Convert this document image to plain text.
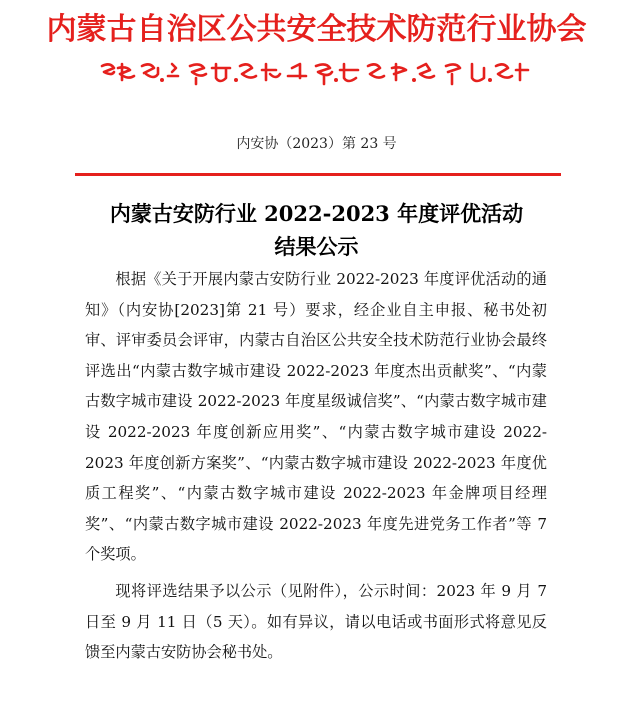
内蒙古自治区公共安全技术防范行业协会
内安协（2023）第 23 号
内蒙古安防行业 2022-2023 年度评优活动
结果公示

根据《关于开展内蒙古安防行业 2022-2023 年度评优活动的通知》（内安协[2023]第 21 号）要求，经企业自主申报、秘书处初审、评审委员会评审，内蒙古自治区公共安全技术防范行业协会最终评选出“内蒙古数字城市建设 2022-2023 年度杰出贡献奖”、“内蒙古数字城市建设 2022-2023 年度星级诚信奖”、“内蒙古数字城市建设 2022-2023 年度创新应用奖”、“内蒙古数字城市建设 2022-2023 年度创新方案奖”、“内蒙古数字城市建设 2022-2023 年度优质工程奖”、“内蒙古数字城市建设 2022-2023 年金牌项目经理奖”、“内蒙古数字城市建设 2022-2023 年度先进党务工作者”等 7 个奖项。

现将评选结果予以公示（见附件），公示时间：2023 年 9 月 7 日至 9 月 11 日（5 天）。如有异议，请以电话或书面形式将意见反馈至内蒙古安防协会秘书处。
